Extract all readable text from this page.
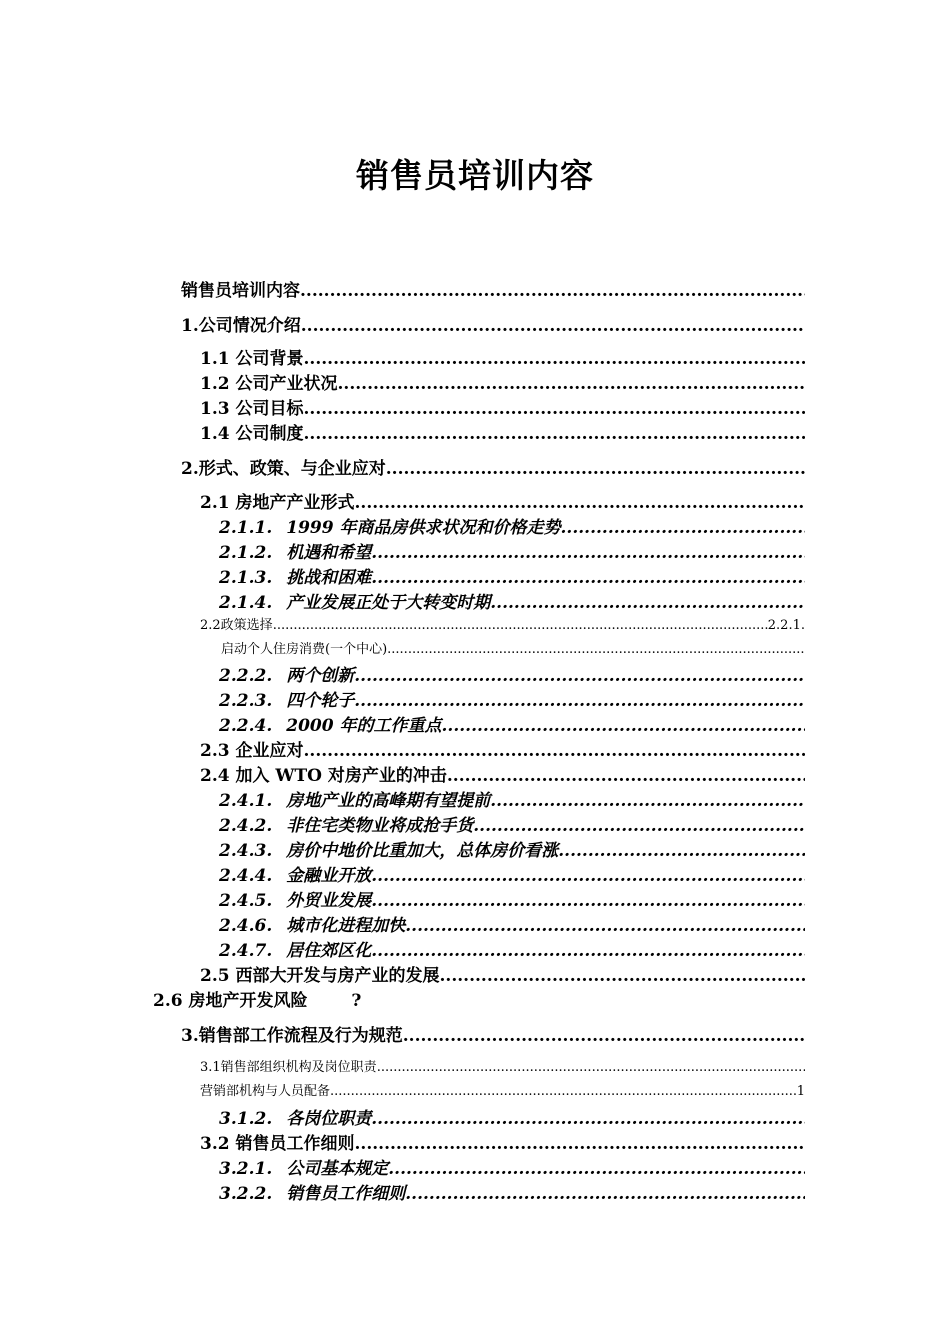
销售员培训内容
销售员培训内容
.....
1.公司情况介绍
.....
1.1 公司背景
.....
1.2 公司产业状况
.....
1.3 公司目标
.....
1.4 公司制度
.....
2.形式、政策、与企业应对
.....
2.1 房地产产业形式
.....
2.1.1. 1999 年商品房供求状况和价格走势
.....
2.1.2. 机遇和希望
.....
2.1.3. 挑战和困难
.....
2.1.4. 产业发展正处于大转变时期
.....
2.2政策选择 .....	2.2.1.
启动个人住房消费(一个中心)
.....
2.2.2. 两个创新
.....
2.2.3. 四个轮子
.....
2.2.4. 2000 年的工作重点
.....
2.3 企业应对
.....
2.4 加入 WTO 对房产业的冲击
.....
2.4.1. 房地产业的高峰期有望提前
.....
2.4.2. 非住宅类物业将成抢手货
.....
2.4.3. 房价中地价比重加大，总体房价看涨
.....
2.4.4. 金融业开放
.....
2.4.5. 外贸业发展
.....
2.4.6. 城市化进程加快
.....
2.4.7. 居住郊区化
.....
2.5 西部大开发与房产业的发展
.....
2.6 房地产开发风险	?
3.销售部工作流程及行为规范
.....
3.1销售部组织机构及岗位职责
.....
营销部机构与人员配备 .....	1
3.1.2. 各岗位职责
.....
3.2 销售员工作细则
.....
3.2.1. 公司基本规定
.....
3.2.2. 销售员工作细则
.....
